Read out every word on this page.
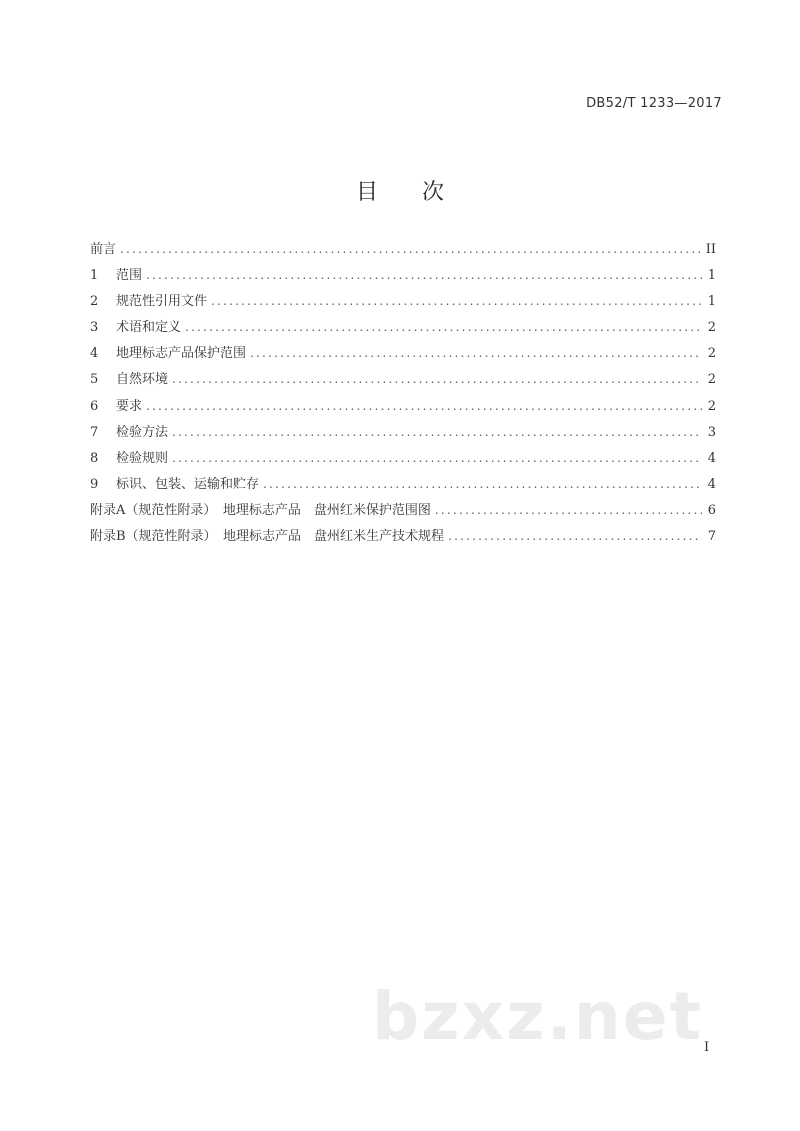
DB52/T 1233—2017
目次
前言 .....	II
1	范围 .....	1
2	规范性引用文件 .....	1
3	术语和定义 .....	2
4	地理标志产品保护范围 .....	2
5	自然环境 .....	2
6	要求 .....	2
7	检验方法 .....	3
8	检验规则 .....	4
9	标识、包装、运输和贮存 .....	4
附录A（规范性附录）　地理标志产品　盘州红米保护范围图 .....	6
附录B（规范性附录）　地理标志产品　盘州红米生产技术规程 .....	7
bzxz.net I
